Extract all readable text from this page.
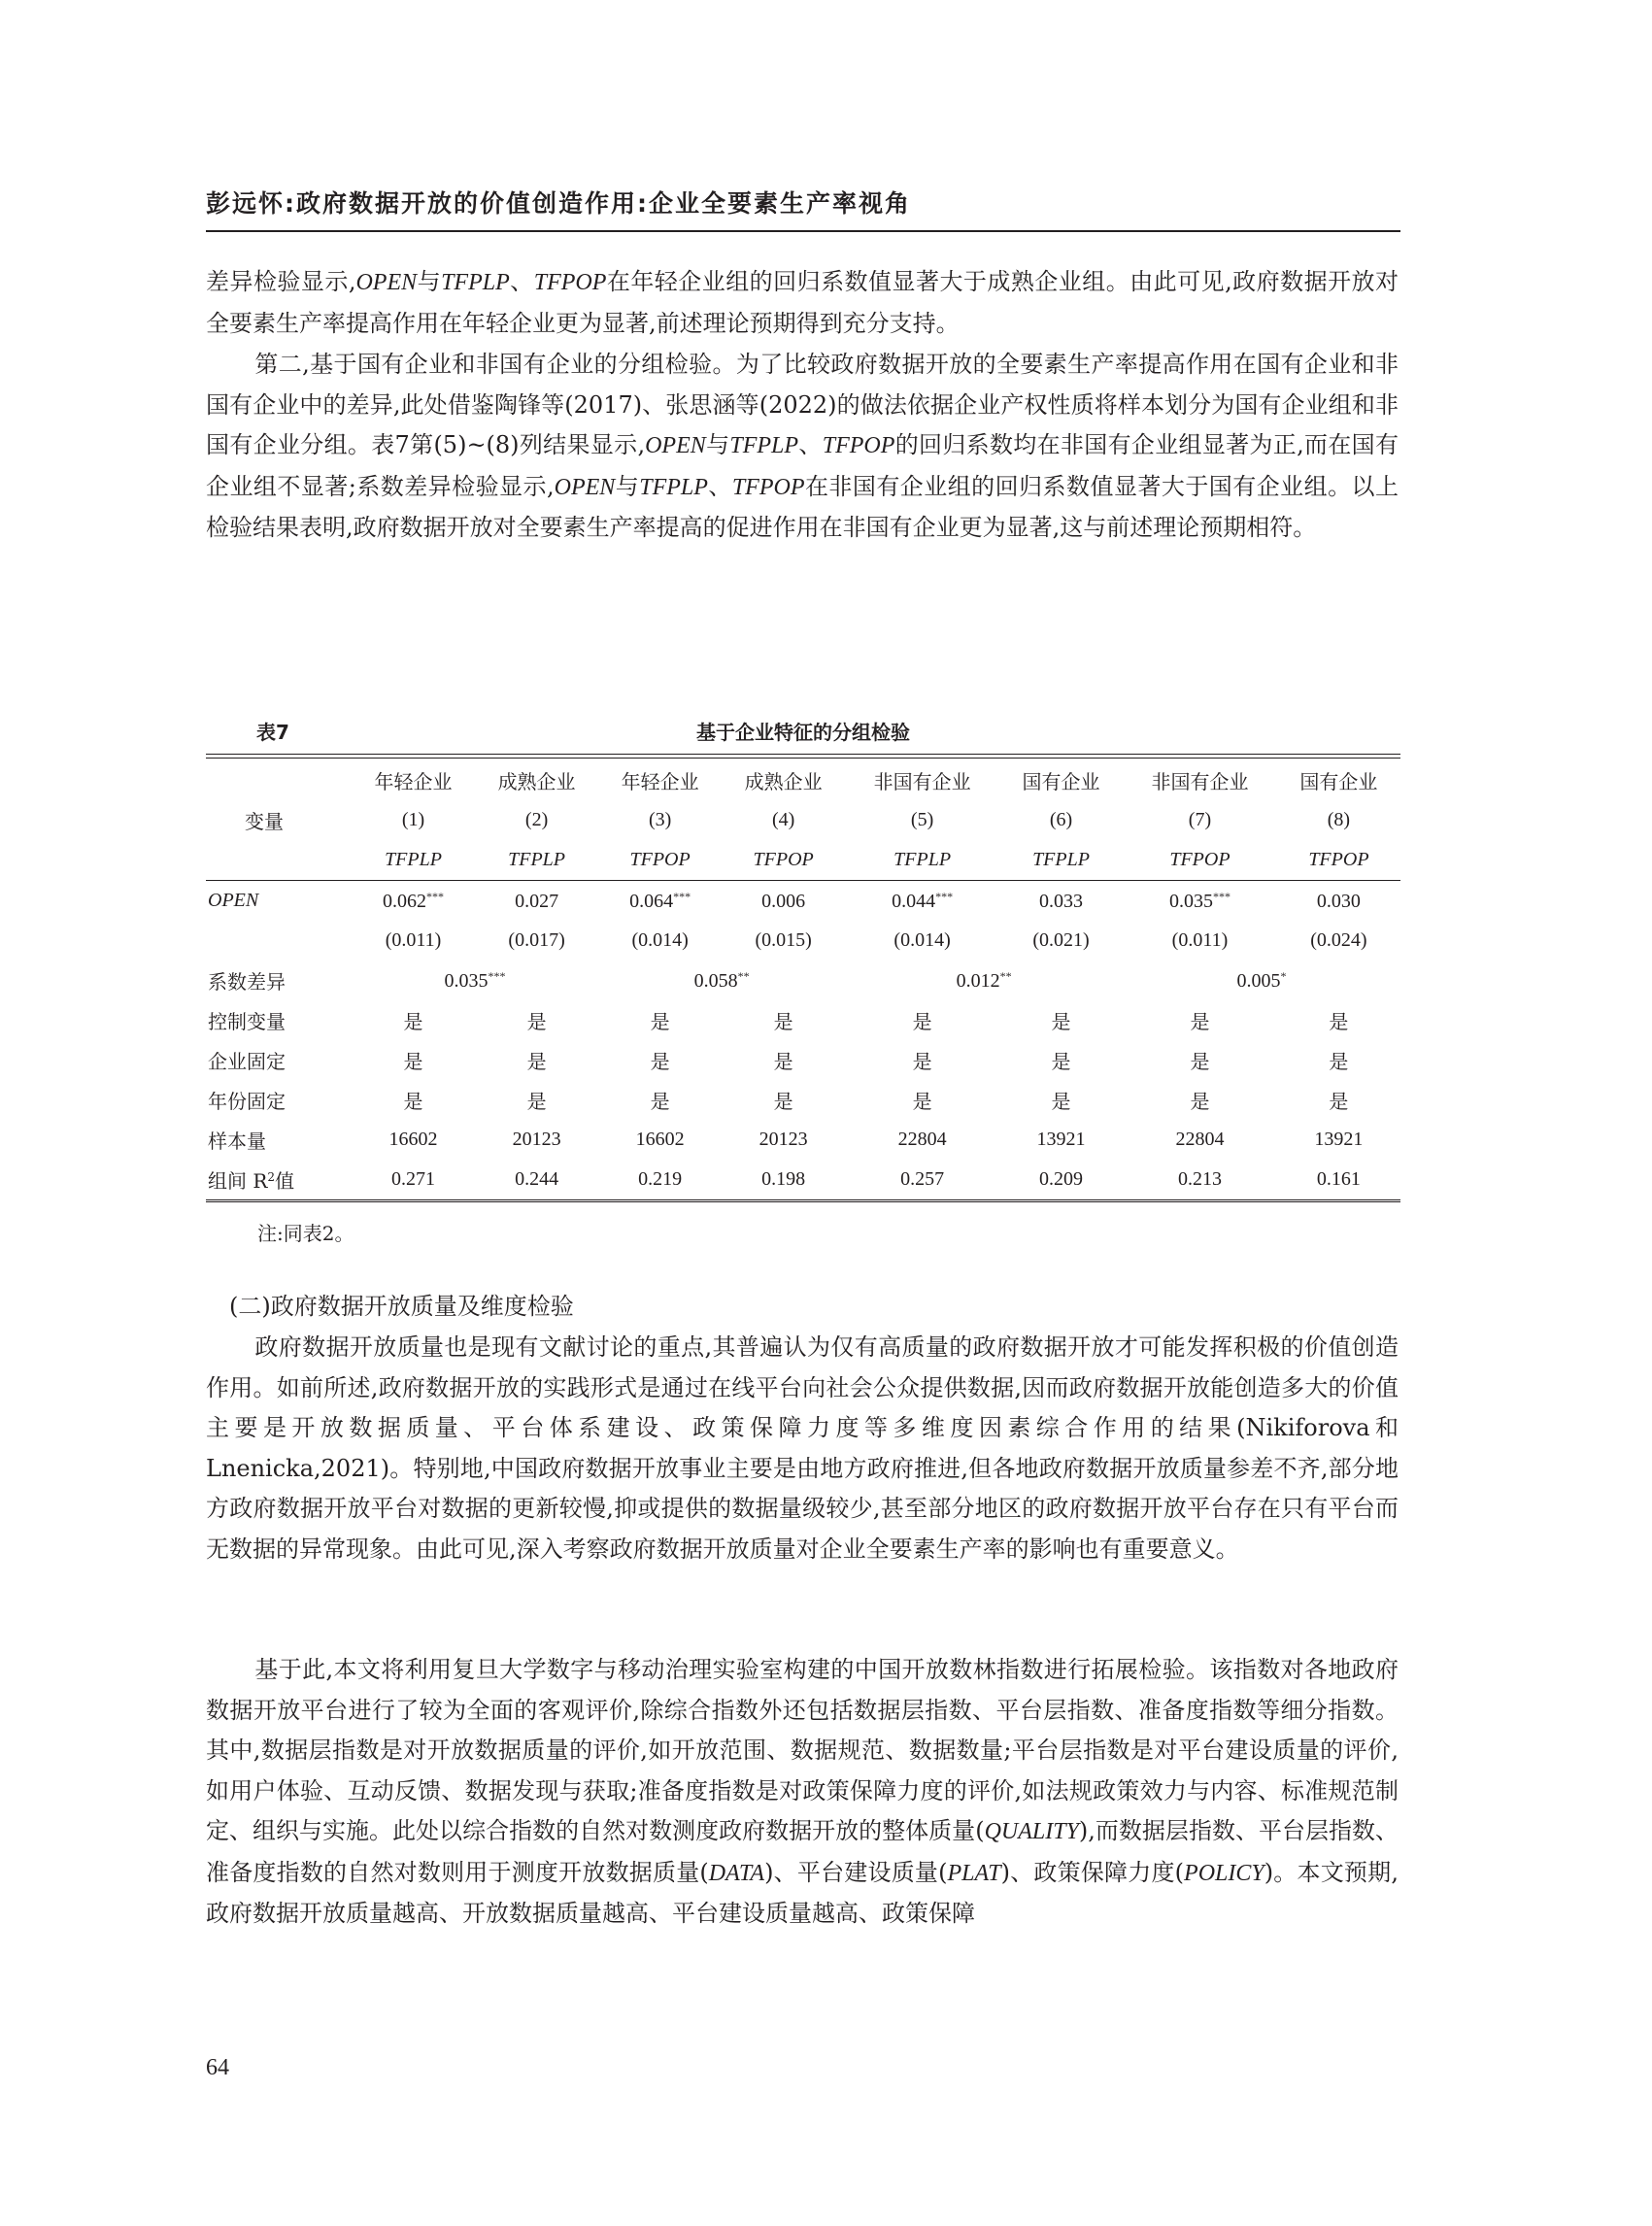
彭远怀:政府数据开放的价值创造作用:企业全要素生产率视角
差异检验显示,OPEN与TFPLP、TFPOP在年轻企业组的回归系数值显著大于成熟企业组。由此可见,政府数据开放对全要素生产率提高作用在年轻企业更为显著,前述理论预期得到充分支持。
第二,基于国有企业和非国有企业的分组检验。为了比较政府数据开放的全要素生产率提高作用在国有企业和非国有企业中的差异,此处借鉴陶锋等(2017)、张思涵等(2022)的做法依据企业产权性质将样本划分为国有企业组和非国有企业分组。表7第(5)~(8)列结果显示,OPEN与TFPLP、TFPOP的回归系数均在非国有企业组显著为正,而在国有企业组不显著;系数差异检验显示,OPEN与TFPLP、TFPOP在非国有企业组的回归系数值显著大于国有企业组。以上检验结果表明,政府数据开放对全要素生产率提高的促进作用在非国有企业更为显著,这与前述理论预期相符。
表7	基于企业特征的分组检验
	年轻企业	成熟企业	年轻企业	成熟企业	非国有企业	国有企业	非国有企业	国有企业
变量	(1)	(2)	(3)	(4)	(5)	(6)	(7)	(8)
	TFPLP	TFPLP	TFPOP	TFPOP	TFPLP	TFPLP	TFPOP	TFPOP
OPEN	0.062***	0.027	0.064***	0.006	0.044***	0.033	0.035***	0.030
	(0.011)	(0.017)	(0.014)	(0.015)	(0.014)	(0.021)	(0.011)	(0.024)
系数差异	0.035***		0.058**		0.012**		0.005*
控制变量	是	是	是	是	是	是	是	是
企业固定	是	是	是	是	是	是	是	是
年份固定	是	是	是	是	是	是	是	是
样本量	16602	20123	16602	20123	22804	13921	22804	13921
组间 $R^2$值	0.271	0.244	0.219	0.198	0.257	0.209	0.213	0.161
注:同表2。
(二)政府数据开放质量及维度检验
政府数据开放质量也是现有文献讨论的重点,其普遍认为仅有高质量的政府数据开放才可能发挥积极的价值创造作用。如前所述,政府数据开放的实践形式是通过在线平台向社会公众提供数据,因而政府数据开放能创造多大的价值主要是开放数据质量、平台体系建设、政策保障力度等多维度因素综合作用的结果(Nikiforova和Lnenicka,2021)。特别地,中国政府数据开放事业主要是由地方政府推进,但各地政府数据开放质量参差不齐,部分地方政府数据开放平台对数据的更新较慢,抑或提供的数据量级较少,甚至部分地区的政府数据开放平台存在只有平台而无数据的异常现象。由此可见,深入考察政府数据开放质量对企业全要素生产率的影响也有重要意义。
基于此,本文将利用复旦大学数字与移动治理实验室构建的中国开放数林指数进行拓展检验。该指数对各地政府数据开放平台进行了较为全面的客观评价,除综合指数外还包括数据层指数、平台层指数、准备度指数等细分指数。其中,数据层指数是对开放数据质量的评价,如开放范围、数据规范、数据数量;平台层指数是对平台建设质量的评价,如用户体验、互动反馈、数据发现与获取;准备度指数是对政策保障力度的评价,如法规政策效力与内容、标准规范制定、组织与实施。此处以综合指数的自然对数测度政府数据开放的整体质量(QUALITY),而数据层指数、平台层指数、准备度指数的自然对数则用于测度开放数据质量(DATA)、平台建设质量(PLAT)、政策保障力度(POLICY)。本文预期,政府数据开放质量越高、开放数据质量越高、平台建设质量越高、政策保障
64
